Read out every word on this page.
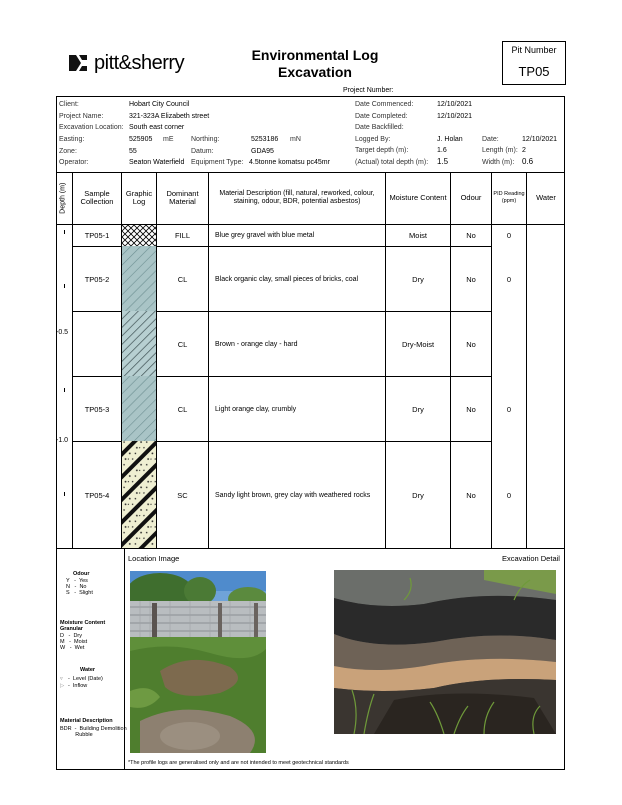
pitt&sherry	Environmental Log
Excavation
Pit Number
TP05
Project Number:
Client:	Hobart City Council
Project Name:	321-323A Elizabeth street
Excavation Location: South east corner
Easting:	525905 mE	Northing:	5253186 mN
Zone:	55	Datum:	GDA95
Operator:	Seaton Waterfield Equipment Type: 4.5tonne komatsu pc45mr
Date Commenced:	12/10/2021
Date Completed:	12/10/2021
Date Backfilled:
Logged By:	J. Holan	Date:	12/10/2021
Target depth (m):	1.6	Length (m): 2
(Actual) total depth (m): 1.5	Width (m): 0.6
Depth (m)	Sample Collection
Graphic Log
Dominant Material
Material Description (fill, natural, reworked, colour, staining, odour, BDR, potential asbestos)	Moisture Content	Odour	PID Reading (ppm)	Water
-0.5
-1.0
TP05-1	FILL	Blue grey gravel with blue metal	Moist	No	0
TP05-2	CL	Black organic clay, small pieces of bricks, coal	Dry	No	0
CL	Brown - orange clay - hard	Dry-Moist	No
TP05-3	CL	Light orange clay, crumbly	Dry	No	0
TP05-4	SC	Sandy light brown, grey clay with weathered rocks	Dry	No	0
Location Image	Excavation Detail
Odour
Y   -  Yes
N   -  No
S   -  Slight
Moisture Content
Granular
D   -  Dry
M   -  Moist
W   -  Wet
Water
▿ -  Level (Date)
▷ -  Inflow
Material Description
BDR  -  Building Demolition
Rubble
*The profile logs are generalised only and are not intended to meet geotechnical standards
